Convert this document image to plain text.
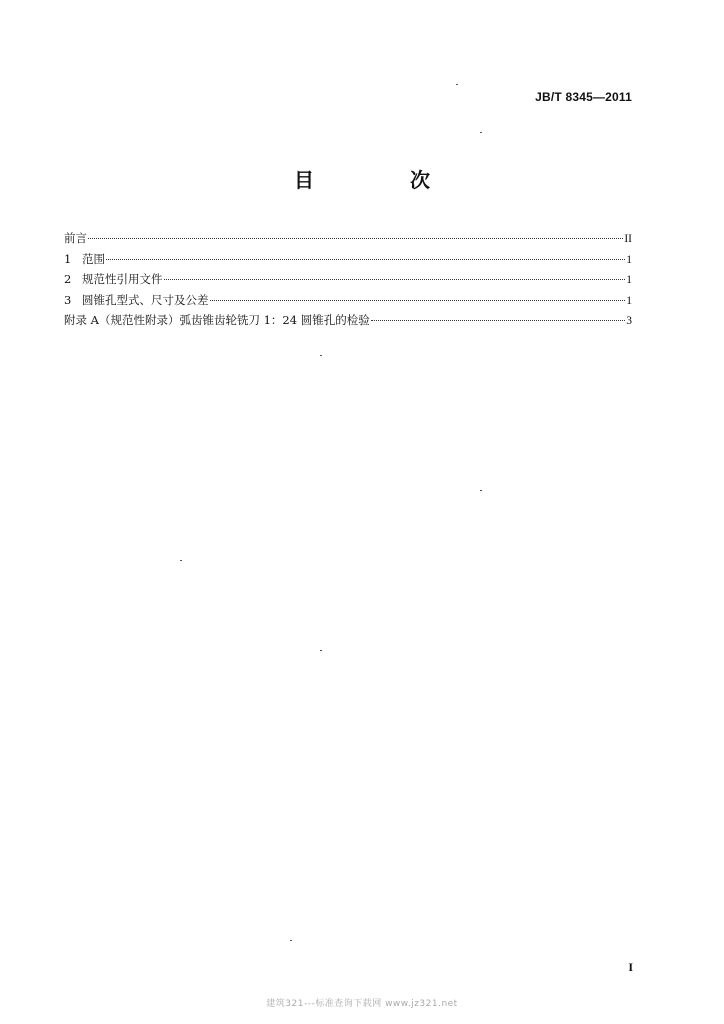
JB/T 8345—2011
目　次
前言	II
1 范围	1
2 规范性引用文件	1
3 圆锥孔型式、尺寸及公差	1
附录 A（规范性附录）弧齿锥齿轮铣刀 1：24 圆锥孔的检验	3
I
建筑321---标准查询下载网 www.jz321.net
